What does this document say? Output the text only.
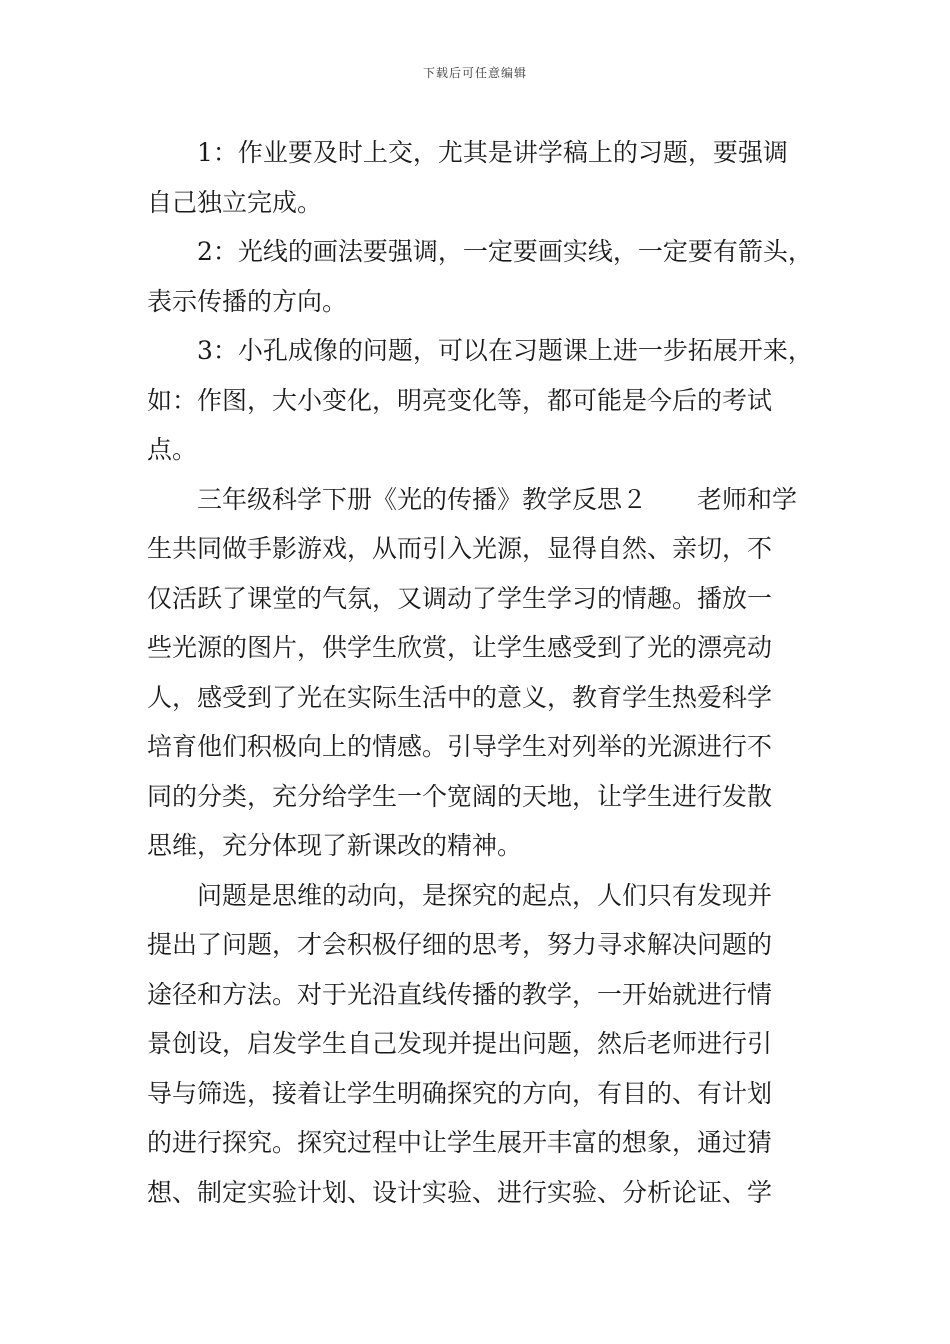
下载后可任意编辑
1：作业要及时上交，尤其是讲学稿上的习题，要强调
自己独立完成。
2：光线的画法要强调，一定要画实线，一定要有箭头，
表示传播的方向。
3：小孔成像的问题，可以在习题课上进一步拓展开来，
如：作图，大小变化，明亮变化等，都可能是今后的考试
点。
三年级科学下册《光的传播》教学反思２　　老师和学
生共同做手影游戏，从而引入光源，显得自然、亲切，不
仅活跃了课堂的气氛，又调动了学生学习的情趣。播放一
些光源的图片，供学生欣赏，让学生感受到了光的漂亮动
人，感受到了光在实际生活中的意义，教育学生热爱科学
培育他们积极向上的情感。引导学生对列举的光源进行不
同的分类，充分给学生一个宽阔的天地，让学生进行发散
思维，充分体现了新课改的精神。
问题是思维的动向，是探究的起点，人们只有发现并
提出了问题，才会积极仔细的思考，努力寻求解决问题的
途径和方法。对于光沿直线传播的教学，一开始就进行情
景创设，启发学生自己发现并提出问题，然后老师进行引
导与筛选，接着让学生明确探究的方向，有目的、有计划
的进行探究。探究过程中让学生展开丰富的想象，通过猜
想、制定实验计划、设计实验、进行实验、分析论证、学
